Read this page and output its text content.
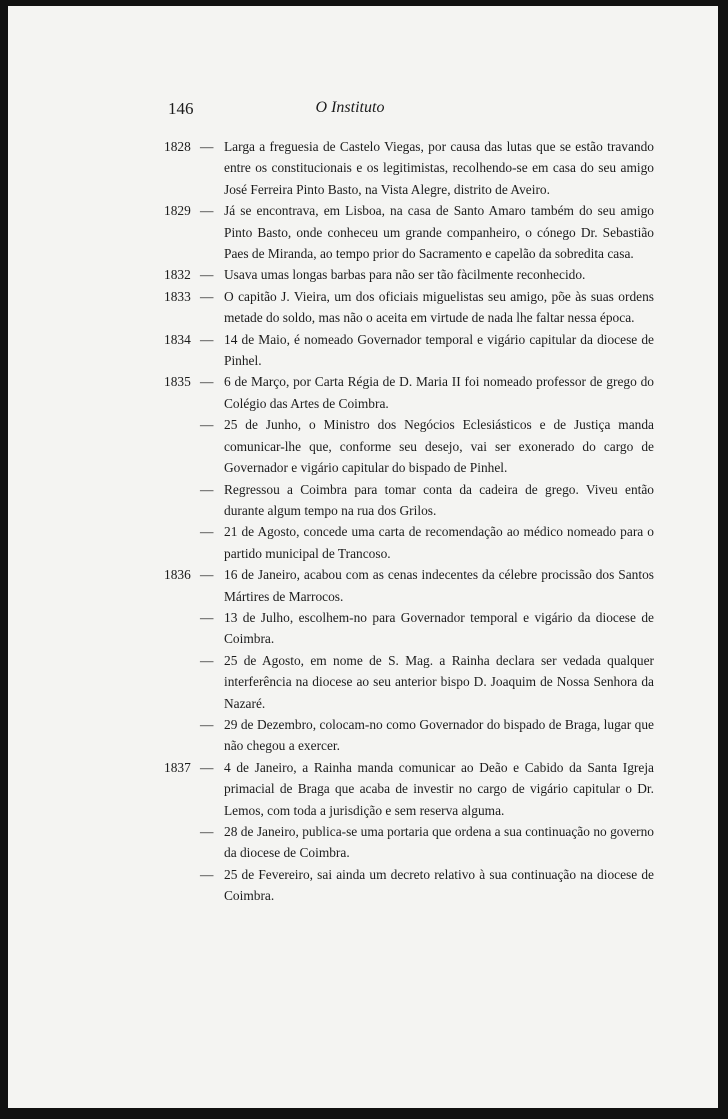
146	O Instituto
1828 — Larga a freguesia de Castelo Viegas, por causa das lutas que se estão travando entre os constitucionais e os legitimistas, recolhendo-se em casa do seu amigo José Ferreira Pinto Basto, na Vista Alegre, distrito de Aveiro.
1829 — Já se encontrava, em Lisboa, na casa de Santo Amaro também do seu amigo Pinto Basto, onde conheceu um grande companheiro, o cónego Dr. Sebastião Paes de Miranda, ao tempo prior do Sacramento e capelão da sobredita casa.
1832 — Usava umas longas barbas para não ser tão fàcilmente reconhecido.
1833 — O capitão J. Vieira, um dos oficiais miguelistas seu amigo, põe às suas ordens metade do soldo, mas não o aceita em virtude de nada lhe faltar nessa época.
1834 — 14 de Maio, é nomeado Governador temporal e vigário capitular da diocese de Pinhel.
1835 — 6 de Março, por Carta Régia de D. Maria II foi nomeado professor de grego do Colégio das Artes de Coimbra.
— 25 de Junho, o Ministro dos Negócios Eclesiásticos e de Justiça manda comunicar-lhe que, conforme seu desejo, vai ser exonerado do cargo de Governador e vigário capitular do bispado de Pinhel.
— Regressou a Coimbra para tomar conta da cadeira de grego. Viveu então durante algum tempo na rua dos Grilos.
— 21 de Agosto, concede uma carta de recomendação ao médico nomeado para o partido municipal de Trancoso.
1836 — 16 de Janeiro, acabou com as cenas indecentes da célebre procissão dos Santos Mártires de Marrocos.
— 13 de Julho, escolhem-no para Governador temporal e vigário da diocese de Coimbra.
— 25 de Agosto, em nome de S. Mag. a Rainha declara ser vedada qualquer interferência na diocese ao seu anterior bispo D. Joaquim de Nossa Senhora da Nazaré.
— 29 de Dezembro, colocam-no como Governador do bispado de Braga, lugar que não chegou a exercer.
1837 — 4 de Janeiro, a Rainha manda comunicar ao Deão e Cabido da Santa Igreja primacial de Braga que acaba de investir no cargo de vigário capitular o Dr. Lemos, com toda a jurisdição e sem reserva alguma.
— 28 de Janeiro, publica-se uma portaria que ordena a sua continuação no governo da diocese de Coimbra.
— 25 de Fevereiro, sai ainda um decreto relativo à sua continuação na diocese de Coimbra.
